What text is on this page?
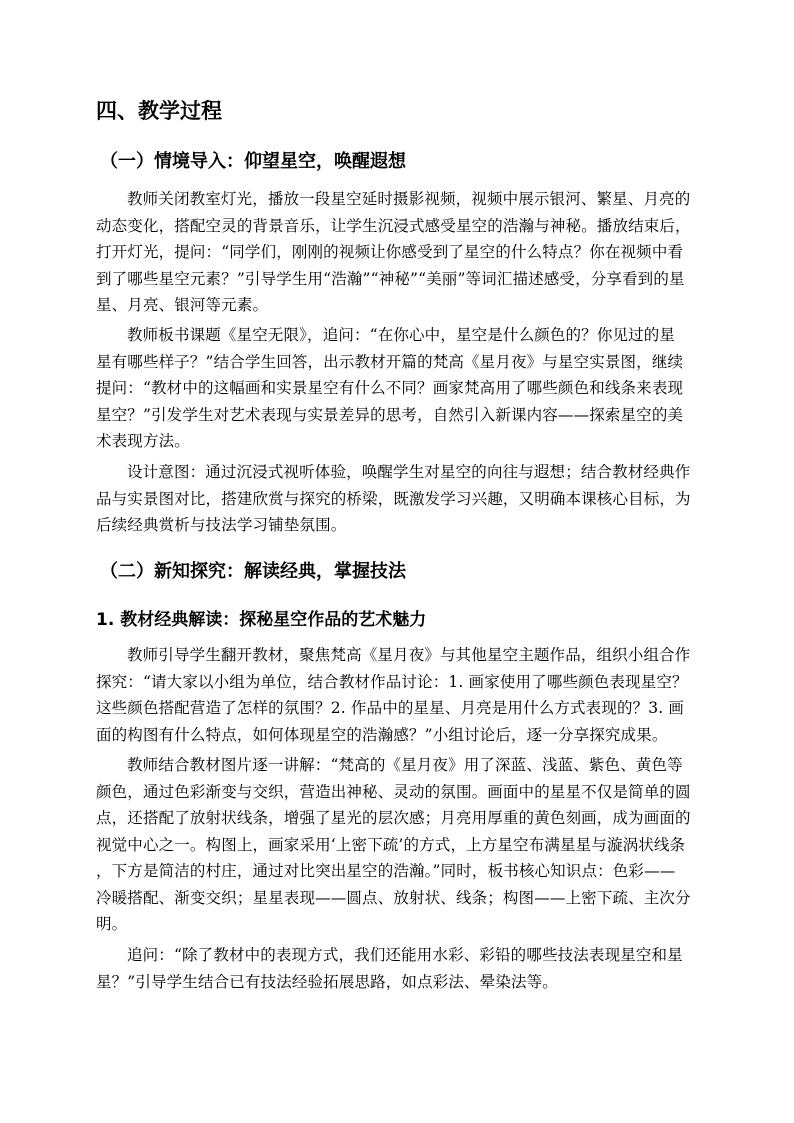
四、教学过程
（一）情境导入：仰望星空，唤醒遐想
教师关闭教室灯光，播放一段星空延时摄影视频，视频中展示银河、繁星、月亮的
动态变化，搭配空灵的背景音乐，让学生沉浸式感受星空的浩瀚与神秘。播放结束后，
打开灯光，提问：“同学们，刚刚的视频让你感受到了星空的什么特点？你在视频中看
到了哪些星空元素？”引导学生用“浩瀚”“神秘”“美丽”等词汇描述感受，分享看到的星
星、月亮、银河等元素。
教师板书课题《星空无限》，追问：“在你心中，星空是什么颜色的？你见过的星
星有哪些样子？”结合学生回答，出示教材开篇的梵高《星月夜》与星空实景图，继续
提问：“教材中的这幅画和实景星空有什么不同？画家梵高用了哪些颜色和线条来表现
星空？”引发学生对艺术表现与实景差异的思考，自然引入新课内容——探索星空的美
术表现方法。
设计意图：通过沉浸式视听体验，唤醒学生对星空的向往与遐想；结合教材经典作
品与实景图对比，搭建欣赏与探究的桥梁，既激发学习兴趣，又明确本课核心目标，为
后续经典赏析与技法学习铺垫氛围。
（二）新知探究：解读经典，掌握技法
1. 教材经典解读：探秘星空作品的艺术魅力
教师引导学生翻开教材，聚焦梵高《星月夜》与其他星空主题作品，组织小组合作
探究：“请大家以小组为单位，结合教材作品讨论：1. 画家使用了哪些颜色表现星空？
这些颜色搭配营造了怎样的氛围？2. 作品中的星星、月亮是用什么方式表现的？3. 画
面的构图有什么特点，如何体现星空的浩瀚感？”小组讨论后，逐一分享探究成果。
教师结合教材图片逐一讲解：“梵高的《星月夜》用了深蓝、浅蓝、紫色、黄色等
颜色，通过色彩渐变与交织，营造出神秘、灵动的氛围。画面中的星星不仅是简单的圆
点，还搭配了放射状线条，增强了星光的层次感；月亮用厚重的黄色刻画，成为画面的
视觉中心之一。构图上，画家采用‘上密下疏’的方式，上方星空布满星星与漩涡状线条
，下方是简洁的村庄，通过对比突出星空的浩瀚。”同时，板书核心知识点：色彩——
冷暖搭配、渐变交织；星星表现——圆点、放射状、线条；构图——上密下疏、主次分
明。
追问：“除了教材中的表现方式，我们还能用水彩、彩铅的哪些技法表现星空和星
星？”引导学生结合已有技法经验拓展思路，如点彩法、晕染法等。
